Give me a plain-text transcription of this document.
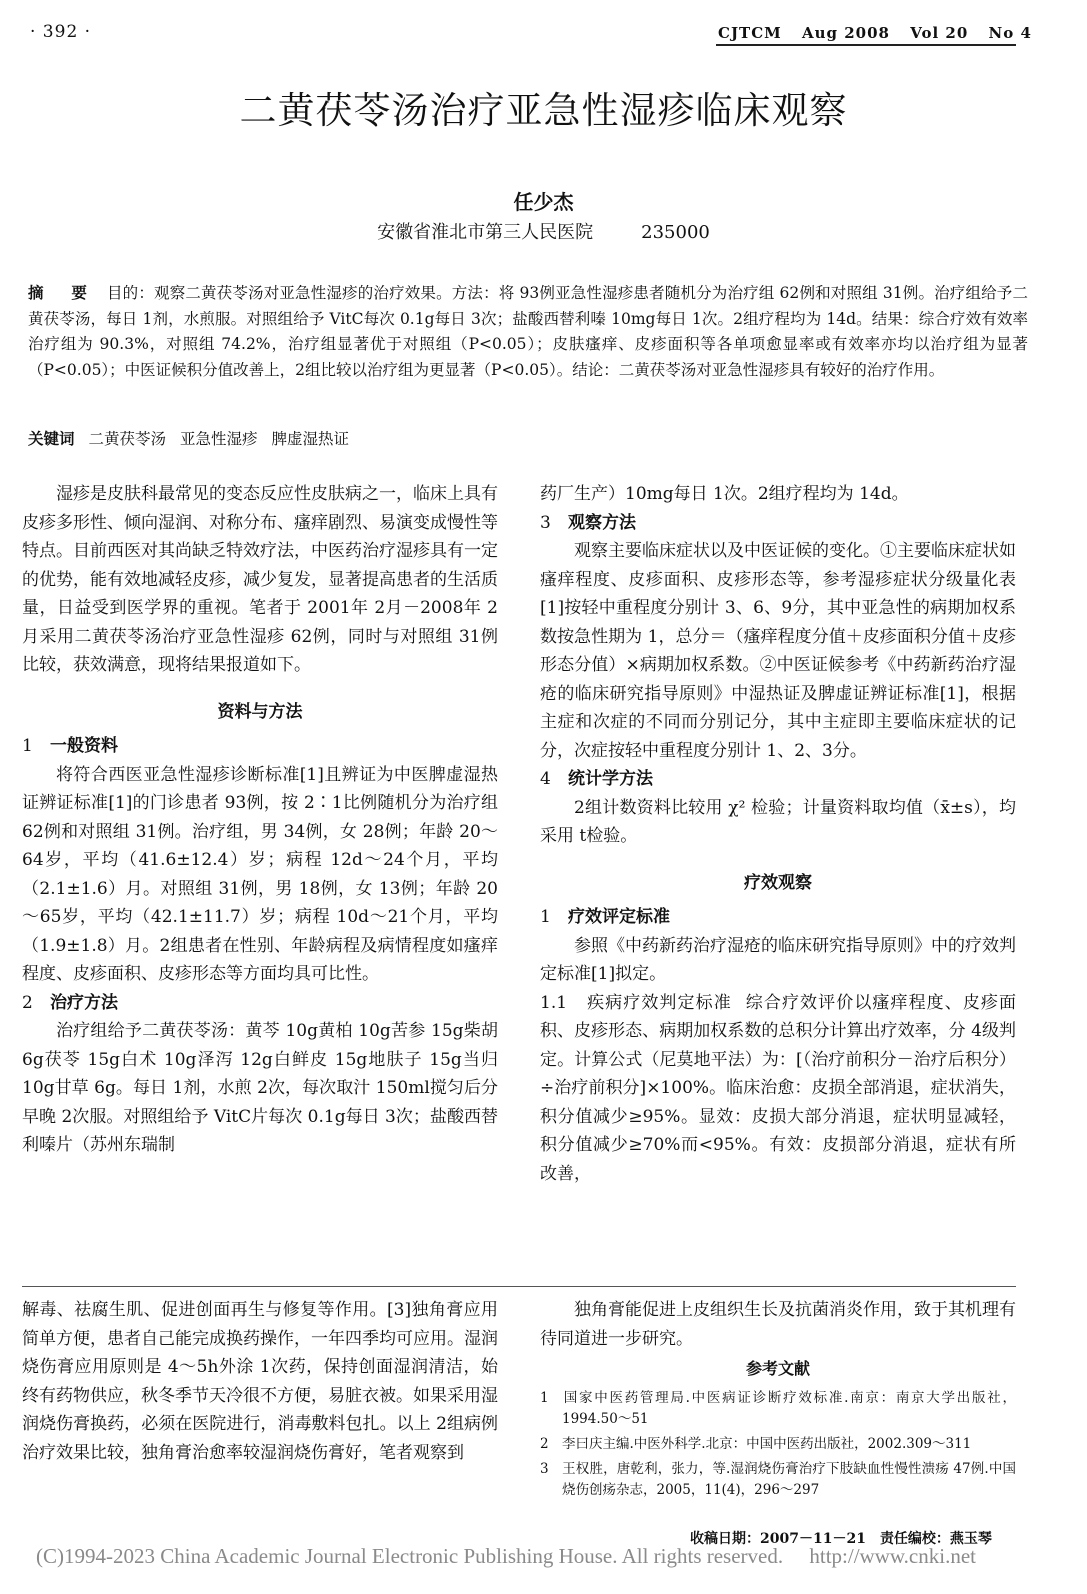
· 392 ·	CJTCM Aug 2008 Vol 20 No 4
二黄茯苓汤治疗亚急性湿疹临床观察
任少杰
安徽省淮北市第三人民医院	235000
摘　要 目的：观察二黄茯苓汤对亚急性湿疹的治疗效果。方法：将 93例亚急性湿疹患者随机分为治疗组 62例和对照组 31例。治疗组给予二黄茯苓汤，每日 1剂，水煎服。对照组给予 VitC每次 0.1g每日 3次；盐酸西替利嗪 10mg每日 1次。2组疗程均为 14d。结果：综合疗效有效率治疗组为 90.3%，对照组 74.2%，治疗组显著优于对照组（P<0.05）；皮肤瘙痒、皮疹面积等各单项愈显率或有效率亦均以治疗组为显著（P<0.05）；中医证候积分值改善上，2组比较以治疗组为更显著（P<0.05）。结论：二黄茯苓汤对亚急性湿疹具有较好的治疗作用。
关键词 二黄茯苓汤 亚急性湿疹 脾虚湿热证

湿疹是皮肤科最常见的变态反应性皮肤病之一，临床上具有皮疹多形性、倾向湿润、对称分布、瘙痒剧烈、易演变成慢性等特点。目前西医对其尚缺乏特效疗法，中医药治疗湿疹具有一定的优势，能有效地减轻皮疹，减少复发，显著提高患者的生活质量，日益受到医学界的重视。笔者于 2001年 2月－2008年 2月采用二黄茯苓汤治疗亚急性湿疹 62例，同时与对照组 31例比较，获效满意，现将结果报道如下。

资料与方法
1 一般资料

将符合西医亚急性湿疹诊断标准[1]且辨证为中医脾虚湿热证辨证标准[1]的门诊患者 93例，按 2∶1比例随机分为治疗组 62例和对照组 31例。治疗组，男 34例，女 28例；年龄 20～64岁，平均（41.6±12.4）岁；病程 12d～24个月，平均（2.1±1.6）月。对照组 31例，男 18例，女 13例；年龄 20～65岁，平均（42.1±11.7）岁；病程 10d～21个月，平均（1.9±1.8）月。2组患者在性别、年龄病程及病情程度如瘙痒程度、皮疹面积、皮疹形态等方面均具可比性。

2 治疗方法

治疗组给予二黄茯苓汤：黄芩 10g黄柏 10g苦参 15g柴胡 6g茯苓 15g白术 10g泽泻 12g白鲜皮 15g地肤子 15g当归 10g甘草 6g。每日 1剂，水煎 2次，每次取汁 150ml搅匀后分早晚 2次服。对照组给予 VitC片每次 0.1g每日 3次；盐酸西替利嗪片（苏州东瑞制

药厂生产）10mg每日 1次。2组疗程均为 14d。

3 观察方法

观察主要临床症状以及中医证候的变化。①主要临床症状如瘙痒程度、皮疹面积、皮疹形态等，参考湿疹症状分级量化表[1]按轻中重程度分别计 3、6、9分，其中亚急性的病期加权系数按急性期为 1，总分＝（瘙痒程度分值＋皮疹面积分值＋皮疹形态分值）×病期加权系数。②中医证候参考《中药新药治疗湿疮的临床研究指导原则》中湿热证及脾虚证辨证标准[1]，根据主症和次症的不同而分别记分，其中主症即主要临床症状的记分，次症按轻中重程度分别计 1、2、3分。

4 统计学方法

2组计数资料比较用 χ² 检验；计量资料取均值（x̄±s），均采用 t检验。

疗效观察
1 疗效评定标准

参照《中药新药治疗湿疮的临床研究指导原则》中的疗效判定标准[1]拟定。

1.1 疾病疗效判定标准 综合疗效评价以瘙痒程度、皮疹面积、皮疹形态、病期加权系数的总积分计算出疗效率，分 4级判定。计算公式（尼莫地平法）为：[（治疗前积分－治疗后积分）÷治疗前积分]×100%。临床治愈：皮损全部消退，症状消失，积分值减少≥95%。显效：皮损大部分消退，症状明显减轻，积分值减少≥70%而<95%。有效：皮损部分消退，症状有所改善，

解毒、祛腐生肌、促进创面再生与修复等作用。[3]独角膏应用简单方便，患者自己能完成换药操作，一年四季均可应用。湿润烧伤膏应用原则是 4～5h外涂 1次药，保持创面湿润清洁，始终有药物供应，秋冬季节天冷很不方便，易脏衣被。如果采用湿润烧伤膏换药，必须在医院进行，消毒敷料包扎。以上 2组病例治疗效果比较，独角膏治愈率较湿润烧伤膏好，笔者观察到

独角膏能促进上皮组织生长及抗菌消炎作用，致于其机理有待同道进一步研究。

参考文献
1 国家中医药管理局.中医病证诊断疗效标准.南京：南京大学出版社，1994.50～51
2 李曰庆主编.中医外科学.北京：中国中医药出版社，2002.309～311
3 王权胜，唐乾利，张力，等.湿润烧伤膏治疗下肢缺血性慢性溃疡 47例.中国烧伤创疡杂志，2005，11(4)，296～297
收稿日期：2007－11－21 责任编校：燕玉琴
(C)1994-2023 China Academic Journal Electronic Publishing House. All rights reserved.　 http://www.cnki.net
